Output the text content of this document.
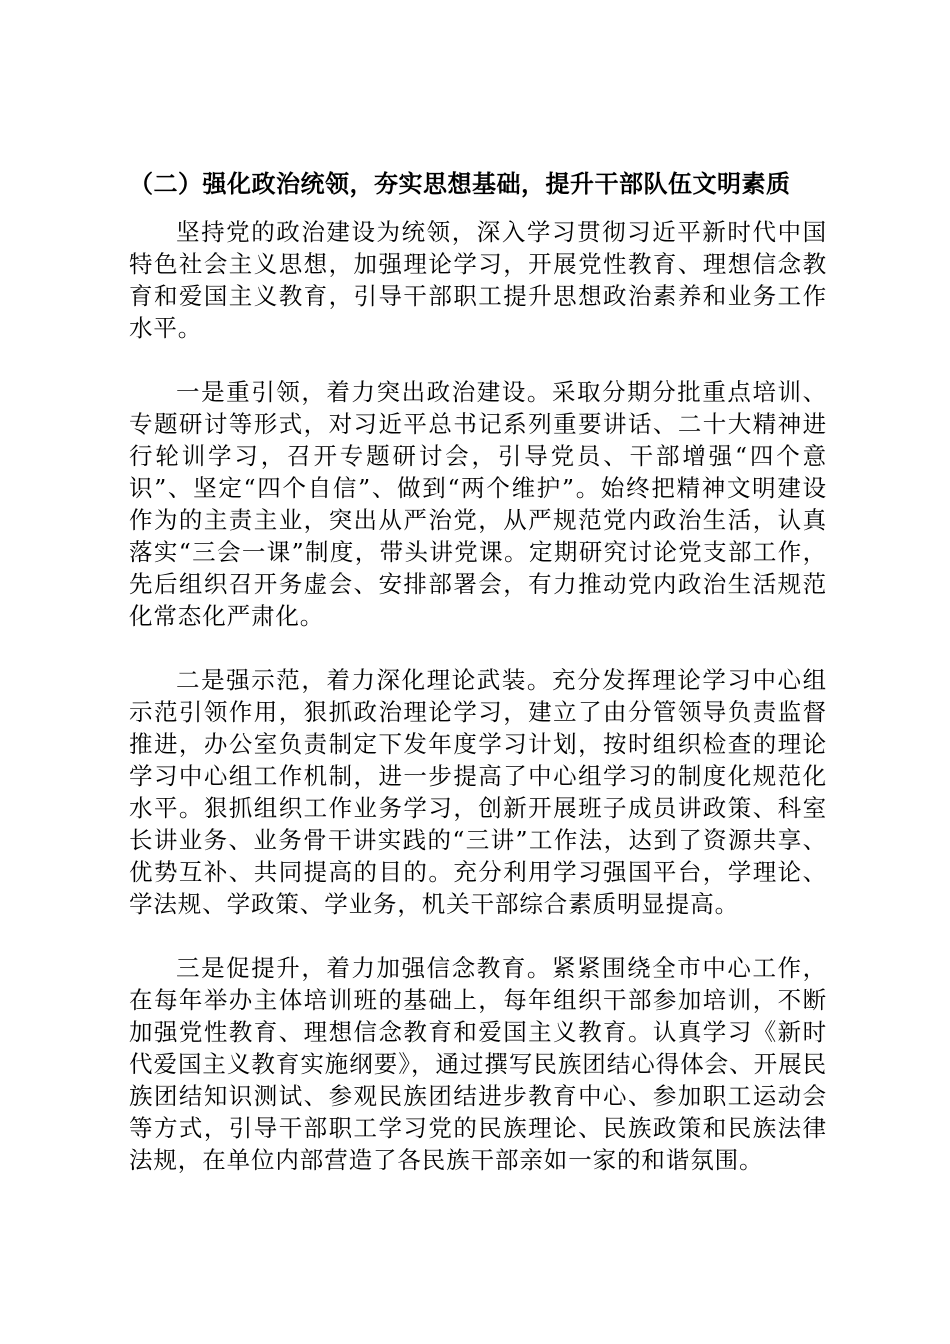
（二）强化政治统领，夯实思想基础，提升干部队伍文明素质

坚持党的政治建设为统领，深入学习贯彻习近平新时代中国特色社会主义思想，加强理论学习，开展党性教育、理想信念教育和爱国主义教育，引导干部职工提升思想政治素养和业务工作水平。

一是重引领，着力突出政治建设。采取分期分批重点培训、专题研讨等形式，对习近平总书记系列重要讲话、二十大精神进行轮训学习，召开专题研讨会，引导党员、干部增强“四个意识”、坚定“四个自信”、做到“两个维护”。始终把精神文明建设作为的主责主业，突出从严治党，从严规范党内政治生活，认真落实“三会一课”制度，带头讲党课。定期研究讨论党支部工作，先后组织召开务虚会、安排部署会，有力推动党内政治生活规范化常态化严肃化。

二是强示范，着力深化理论武装。充分发挥理论学习中心组示范引领作用，狠抓政治理论学习，建立了由分管领导负责监督推进，办公室负责制定下发年度学习计划，按时组织检查的理论学习中心组工作机制，进一步提高了中心组学习的制度化规范化水平。狠抓组织工作业务学习，创新开展班子成员讲政策、科室长讲业务、业务骨干讲实践的“三讲”工作法，达到了资源共享、优势互补、共同提高的目的。充分利用学习强国平台，学理论、学法规、学政策、学业务，机关干部综合素质明显提高。

三是促提升，着力加强信念教育。紧紧围绕全市中心工作，在每年举办主体培训班的基础上，每年组织干部参加培训，不断加强党性教育、理想信念教育和爱国主义教育。认真学习《新时代爱国主义教育实施纲要》，通过撰写民族团结心得体会、开展民族团结知识测试、参观民族团结进步教育中心、参加职工运动会等方式，引导干部职工学习党的民族理论、民族政策和民族法律法规，在单位内部营造了各民族干部亲如一家的和谐氛围。
